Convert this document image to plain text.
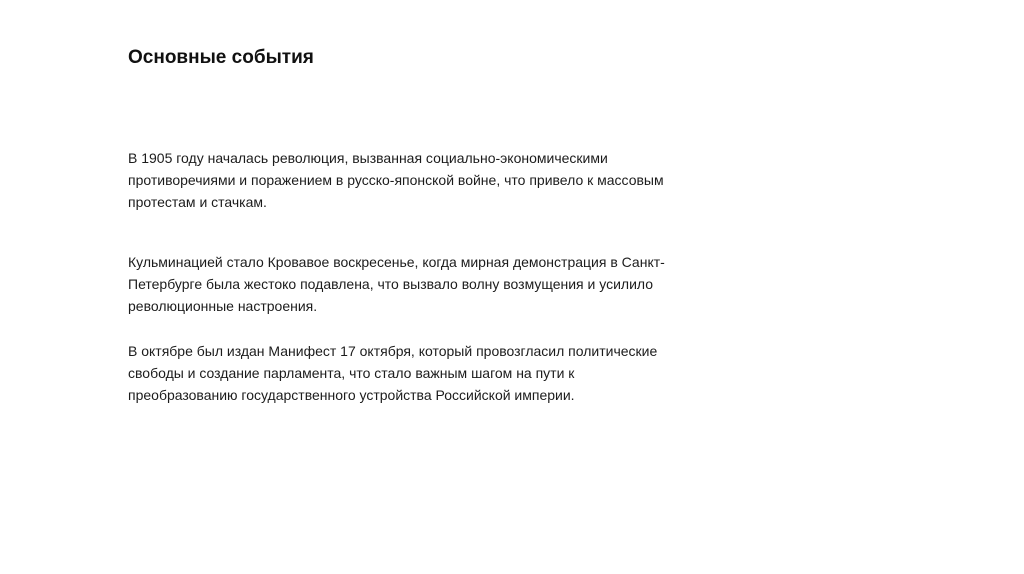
Основные события

В 1905 году началась революция, вызванная социально-экономическими
противоречиями и поражением в русско-японской войне, что привело к массовым
протестам и стачкам.

Кульминацией стало Кровавое воскресенье, когда мирная демонстрация в Санкт-
Петербурге была жестоко подавлена, что вызвало волну возмущения и усилило
революционные настроения.

В октябре был издан Манифест 17 октября, который провозгласил политические
свободы и создание парламента, что стало важным шагом на пути к
преобразованию государственного устройства Российской империи.
